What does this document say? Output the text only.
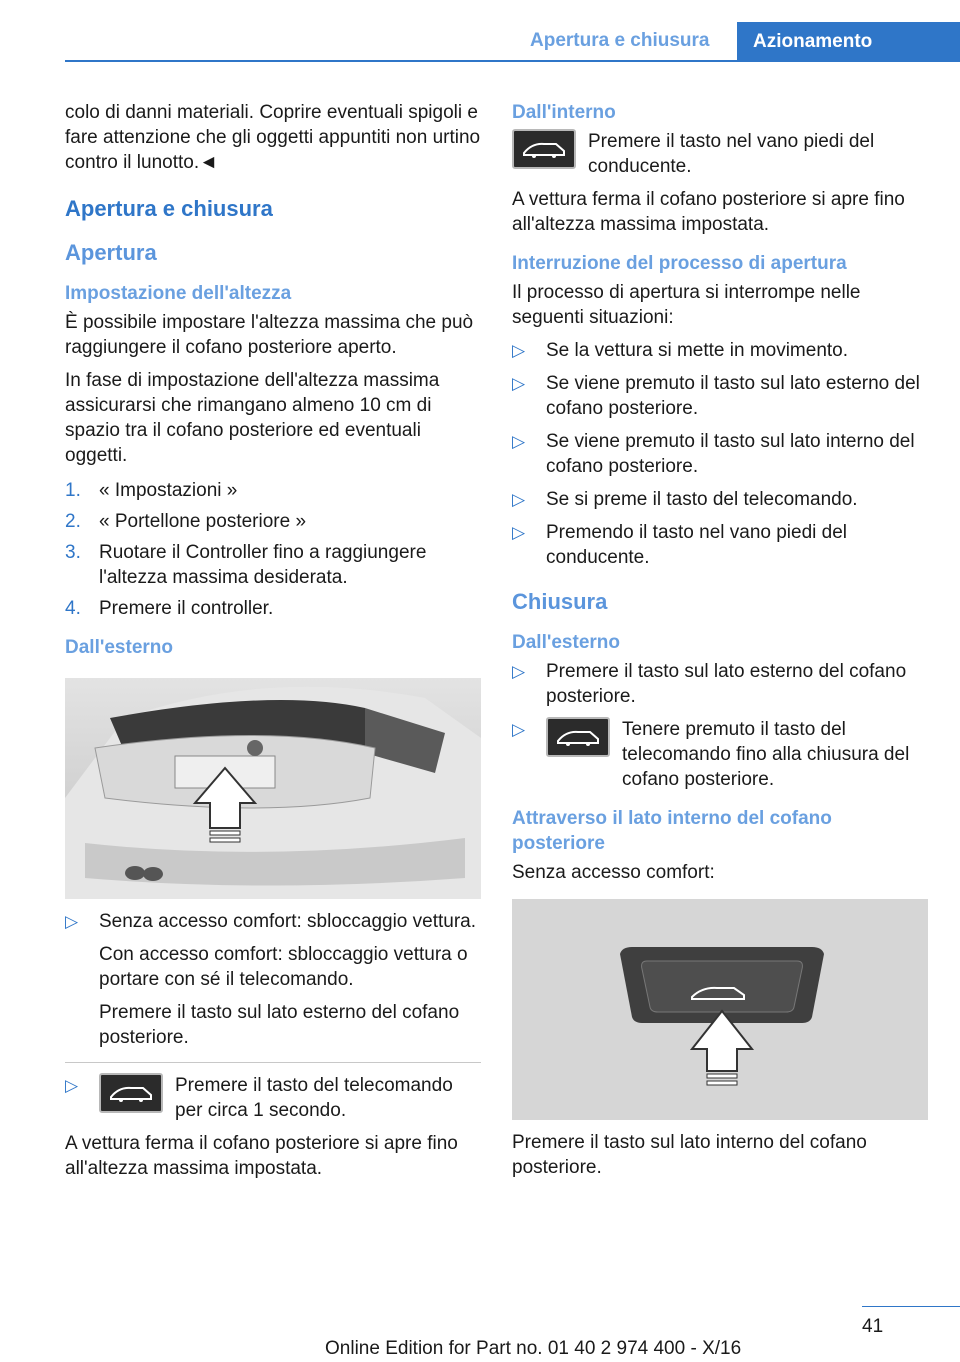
Apertura e chiusura	Azionamento

colo di danni materiali. Coprire eventuali spigoli e fare attenzione che gli oggetti appuntiti non urtino contro il lunotto.◄

Apertura e chiusura
Apertura
Impostazione dell'altezza

È possibile impostare l'altezza massima che può raggiungere il cofano posteriore aperto.

In fase di impostazione dell'altezza massima assicurarsi che rimangano almeno 10 cm di spazio tra il cofano posteriore ed eventuali oggetti.

1. « Impostazioni »
2. « Portellone posteriore »
3. Ruotare il Controller fino a raggiungere l'altezza massima desiderata.
4. Premere il controller.
Dall'esterno
▷ Senza accesso comfort: sbloccaggio vettura.

Con accesso comfort: sbloccaggio vettura o portare con sé il telecomando.

Premere il tasto sul lato esterno del cofano posteriore.

▷	Premere il tasto del telecomando per circa 1 secondo.

A vettura ferma il cofano posteriore si apre fino all'altezza massima impostata.

Dall'interno
Premere il tasto nel vano piedi del conducente.

A vettura ferma il cofano posteriore si apre fino all'altezza massima impostata.

Interruzione del processo di apertura

Il processo di apertura si interrompe nelle seguenti situazioni:

▷ Se la vettura si mette in movimento.
▷ Se viene premuto il tasto sul lato esterno del cofano posteriore.
▷ Se viene premuto il tasto sul lato interno del cofano posteriore.
▷ Se si preme il tasto del telecomando.
▷ Premendo il tasto nel vano piedi del conducente.
Chiusura
Dall'esterno
▷ Premere il tasto sul lato esterno del cofano posteriore.
▷	Tenere premuto il tasto del telecomando fino alla chiusura del cofano posteriore.
Attraverso il lato interno del cofano posteriore

Senza accesso comfort:

Premere il tasto sul lato interno del cofano posteriore.

41
Online Edition for Part no. 01 40 2 974 400 - X/16
